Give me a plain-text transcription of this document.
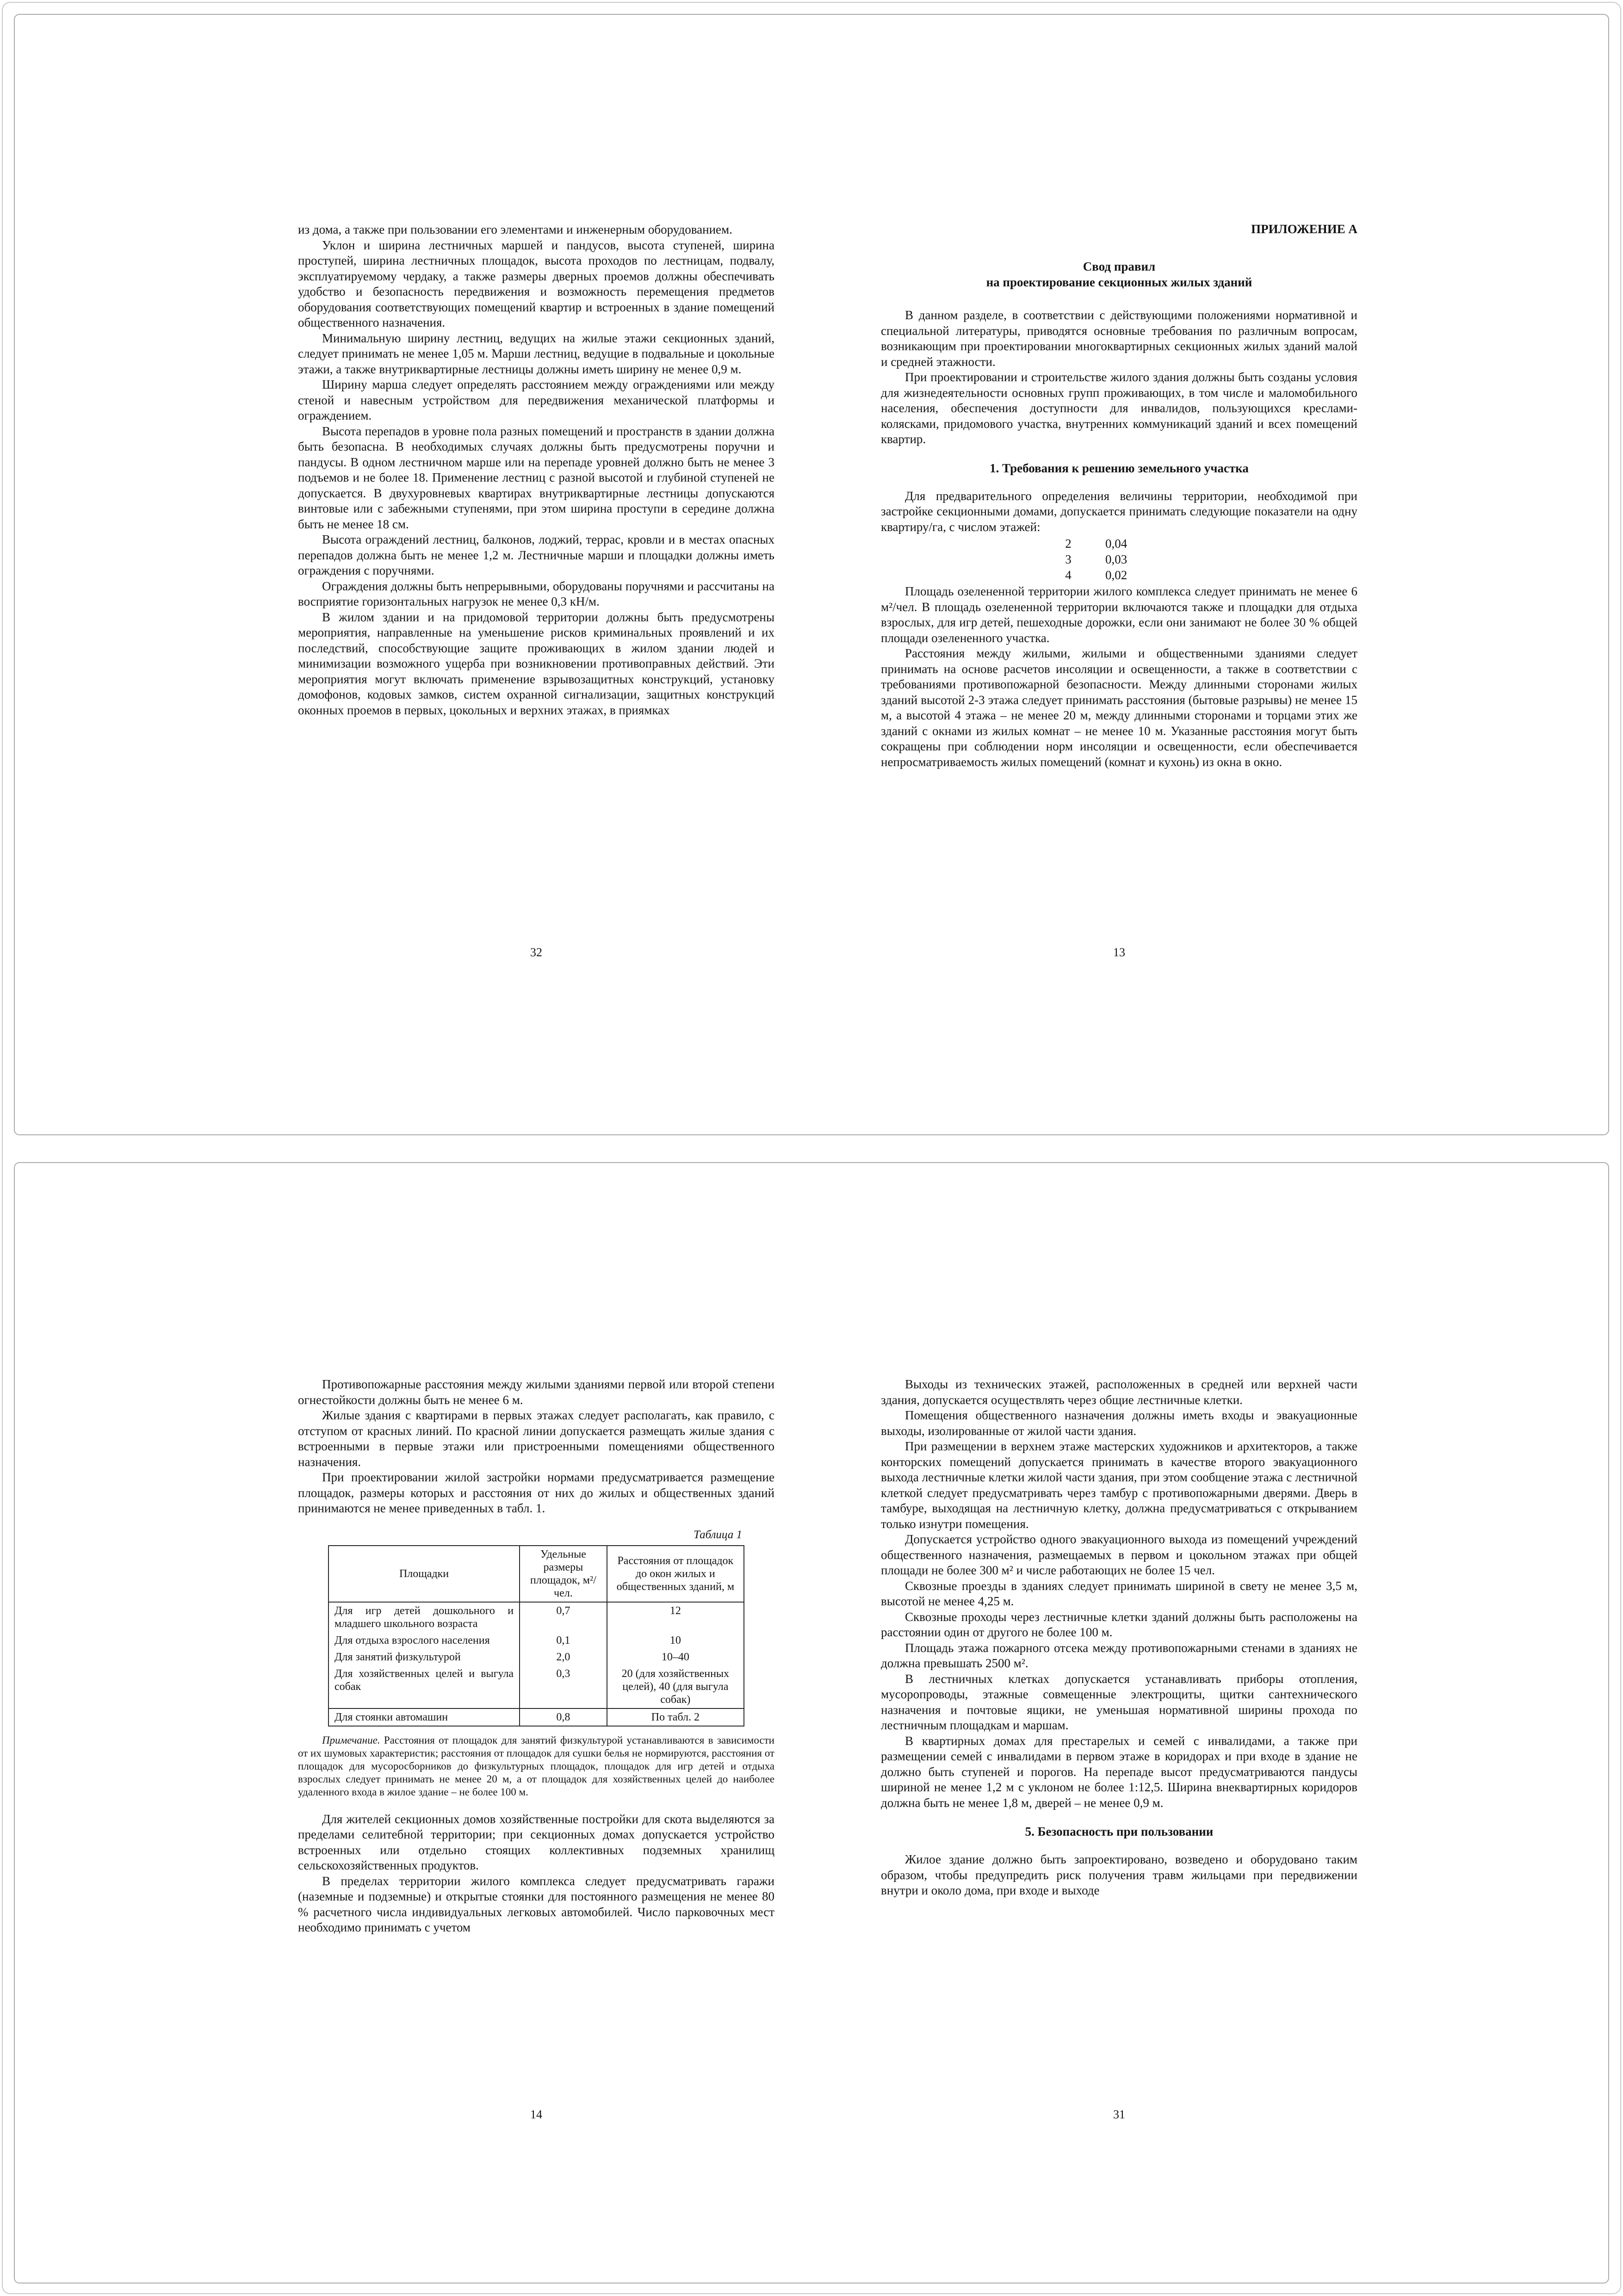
из дома, а также при пользовании его элементами и инженерным оборудованием.

Уклон и ширина лестничных маршей и пандусов, высота ступеней, ширина проступей, ширина лестничных площадок, высота проходов по лестницам, подвалу, эксплуатируемому чердаку, а также размеры дверных проемов должны обеспечивать удобство и безопасность передвижения и возможность перемещения предметов оборудования соответствующих помещений квартир и встроенных в здание помещений общественного назначения.

Минимальную ширину лестниц, ведущих на жилые этажи секционных зданий, следует принимать не менее 1,05 м. Марши лестниц, ведущие в подвальные и цокольные этажи, а также внутриквартирные лестницы должны иметь ширину не менее 0,9 м.

Ширину марша следует определять расстоянием между ограждениями или между стеной и навесным устройством для передвижения механической платформы и ограждением.

Высота перепадов в уровне пола разных помещений и пространств в здании должна быть безопасна. В необходимых случаях должны быть предусмотрены поручни и пандусы. В одном лестничном марше или на перепаде уровней должно быть не менее 3 подъемов и не более 18. Применение лестниц с разной высотой и глубиной ступеней не допускается. В двухуровневых квартирах внутриквартирные лестницы допускаются винтовые или с забежными ступенями, при этом ширина проступи в середине должна быть не менее 18 см.

Высота ограждений лестниц, балконов, лоджий, террас, кровли и в местах опасных перепадов должна быть не менее 1,2 м. Лестничные марши и площадки должны иметь ограждения с поручнями.

Ограждения должны быть непрерывными, оборудованы поручнями и рассчитаны на восприятие горизонтальных нагрузок не менее 0,3 кН/м.

В жилом здании и на придомовой территории должны быть предусмотрены мероприятия, направленные на уменьшение рисков криминальных проявлений и их последствий, способствующие защите проживающих в жилом здании людей и минимизации возможного ущерба при возникновении противоправных действий. Эти мероприятия могут включать применение взрывозащитных конструкций, установку домофонов, кодовых замков, систем охранной сигнализации, защитных конструкций оконных проемов в первых, цокольных и верхних этажах, в приямках

32
ПРИЛОЖЕНИЕ А
Свод правил
на проектирование секционных жилых зданий

В данном разделе, в соответствии с действующими положениями нормативной и специальной литературы, приводятся основные требования по различным вопросам, возникающим при проектировании многоквартирных секционных жилых зданий малой и средней этажности.

При проектировании и строительстве жилого здания должны быть созданы условия для жизнедеятельности основных групп проживающих, в том числе и маломобильного населения, обеспечения доступности для инвалидов, пользующихся креслами-колясками, придомового участка, внутренних коммуникаций зданий и всех помещений квартир.

1. Требования к решению земельного участка

Для предварительного определения величины территории, необходимой при застройке секционными домами, допускается принимать следующие показатели на одну квартиру/га, с числом этажей:

2	0,04
3	0,03
4	0,02

Площадь озелененной территории жилого комплекса следует принимать не менее 6 м²/чел. В площадь озелененной территории включаются также и площадки для отдыха взрослых, для игр детей, пешеходные дорожки, если они занимают не более 30 % общей площади озелененного участка.

Расстояния между жилыми, жилыми и общественными зданиями следует принимать на основе расчетов инсоляции и освещенности, а также в соответствии с требованиями противопожарной безопасности. Между длинными сторонами жилых зданий высотой 2-3 этажа следует принимать расстояния (бытовые разрывы) не менее 15 м, а высотой 4 этажа – не менее 20 м, между длинными сторонами и торцами этих же зданий с окнами из жилых комнат – не менее 10 м. Указанные расстояния могут быть сокращены при соблюдении норм инсоляции и освещенности, если обеспечивается непросматриваемость жилых помещений (комнат и кухонь) из окна в окно.

13

Противопожарные расстояния между жилыми зданиями первой или второй степени огнестойкости должны быть не менее 6 м.

Жилые здания с квартирами в первых этажах следует располагать, как правило, с отступом от красных линий. По красной линии допускается размещать жилые здания с встроенными в первые этажи или пристроенными помещениями общественного назначения.

При проектировании жилой застройки нормами предусматривается размещение площадок, размеры которых и расстояния от них до жилых и общественных зданий принимаются не менее приведенных в табл. 1.

Таблица 1
Площадки	Удельные размеры площадок, м²/чел.	Расстояния от площадок до окон жилых и общественных зданий, м
Для игр детей дошкольного и младшего школьного возраста	0,7	12
Для отдыха взрослого населения	0,1	10
Для занятий физкультурой	2,0	10–40
Для хозяйственных целей и выгула собак	0,3	20 (для хозяйственных целей), 40 (для выгула собак)
Для стоянки автомашин	0,8	По табл. 2

Примечание. Расстояния от площадок для занятий физкультурой устанавливаются в зависимости от их шумовых характеристик; расстояния от площадок для сушки белья не нормируются, расстояния от площадок для мусоросборников до физкультурных площадок, площадок для игр детей и отдыха взрослых следует принимать не менее 20 м, а от площадок для хозяйственных целей до наиболее удаленного входа в жилое здание – не более 100 м.

Для жителей секционных домов хозяйственные постройки для скота выделяются за пределами селитебной территории; при секционных домах допускается устройство встроенных или отдельно стоящих коллективных подземных хранилищ сельскохозяйственных продуктов.

В пределах территории жилого комплекса следует предусматривать гаражи (наземные и подземные) и открытые стоянки для постоянного размещения не менее 80 % расчетного числа индивидуальных легковых автомобилей. Число парковочных мест необходимо принимать с учетом

14

Выходы из технических этажей, расположенных в средней или верхней части здания, допускается осуществлять через общие лестничные клетки.

Помещения общественного назначения должны иметь входы и эвакуационные выходы, изолированные от жилой части здания.

При размещении в верхнем этаже мастерских художников и архитекторов, а также конторских помещений допускается принимать в качестве второго эвакуационного выхода лестничные клетки жилой части здания, при этом сообщение этажа с лестничной клеткой следует предусматривать через тамбур с противопожарными дверями. Дверь в тамбуре, выходящая на лестничную клетку, должна предусматриваться с открыванием только изнутри помещения.

Допускается устройство одного эвакуационного выхода из помещений учреждений общественного назначения, размещаемых в первом и цокольном этажах при общей площади не более 300 м² и числе работающих не более 15 чел.

Сквозные проезды в зданиях следует принимать шириной в свету не менее 3,5 м, высотой не менее 4,25 м.

Сквозные проходы через лестничные клетки зданий должны быть расположены на расстоянии один от другого не более 100 м.

Площадь этажа пожарного отсека между противопожарными стенами в зданиях не должна превышать 2500 м².

В лестничных клетках допускается устанавливать приборы отопления, мусоропроводы, этажные совмещенные электрощиты, щитки сантехнического назначения и почтовые ящики, не уменьшая нормативной ширины прохода по лестничным площадкам и маршам.

В квартирных домах для престарелых и семей с инвалидами, а также при размещении семей с инвалидами в первом этаже в коридорах и при входе в здание не должно быть ступеней и порогов. На перепаде высот предусматриваются пандусы шириной не менее 1,2 м с уклоном не более 1:12,5. Ширина внеквартирных коридоров должна быть не менее 1,8 м, дверей – не менее 0,9 м.

5. Безопасность при пользовании

Жилое здание должно быть запроектировано, возведено и оборудовано таким образом, чтобы предупредить риск получения травм жильцами при передвижении внутри и около дома, при входе и выходе

31
